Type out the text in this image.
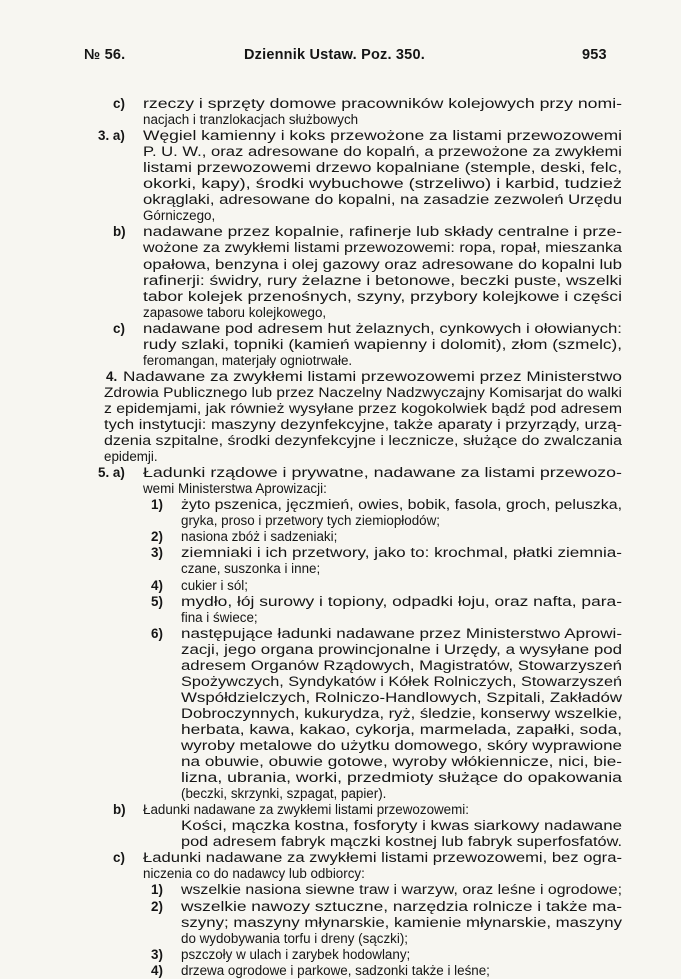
№ 56.	Dziennik Ustaw. Poz. 350.	953
c) rzeczy i sprzęty domowe pracowników kolejowych przy nomi-
nacjach i tranzlokacjach służbowych
3. a) Węgiel kamienny i koks przewożone za listami przewozowemi
P. U. W., oraz adresowane do kopalń, a przewożone za zwykłemi
listami przewozowemi drzewo kopalniane (stemple, deski, felc,
okorki, kapy), środki wybuchowe (strzeliwo) i karbid, tudzież
okrąglaki, adresowane do kopalni, na zasadzie zezwoleń Urzędu
Górniczego,
b) nadawane przez kopalnie, rafinerje lub składy centralne i prze-
wożone za zwykłemi listami przewozowemi: ropa, ropał, mieszanka
opałowa, benzyna i olej gazowy oraz adresowane do kopalni lub
rafinerji: świdry, rury żelazne i betonowe, beczki puste, wszelki
tabor kolejek przenośnych, szyny, przybory kolejkowe i części
zapasowe taboru kolejkowego,
c) nadawane pod adresem hut żelaznych, cynkowych i ołowianych:
rudy szlaki, topniki (kamień wapienny i dolomit), złom (szmelc),
feromangan, materjały ogniotrwałe.
4. Nadawane za zwykłemi listami przewozowemi przez Ministerstwo
Zdrowia Publicznego lub przez Naczelny Nadzwyczajny Komisarjat do walki
z epidemjami, jak również wysyłane przez kogokolwiek bądź pod adresem
tych instytucji: maszyny dezynfekcyjne, także aparaty i przyrządy, urzą-
dzenia szpitalne, środki dezynfekcyjne i lecznicze, służące do zwalczania
epidemji.
5. a) Ładunki rządowe i prywatne, nadawane za listami przewozo-
wemi Ministerstwa Aprowizacji:
1) żyto pszenica, jęczmień, owies, bobik, fasola, groch, peluszka,
gryka, proso i przetwory tych ziemiopłodów;
2) nasiona zbóż i sadzeniaki;
3) ziemniaki i ich przetwory, jako to: krochmal, płatki ziemnia-
czane, suszonka i inne;
4) cukier i sól;
5) mydło, łój surowy i topiony, odpadki łoju, oraz nafta, para-
fina i świece;
6) następujące ładunki nadawane przez Ministerstwo Aprowi-
zacji, jego organa prowincjonalne i Urzędy, a wysyłane pod
adresem Organów Rządowych, Magistratów, Stowarzyszeń
Spożywczych, Syndykatów i Kółek Rolniczych, Stowarzyszeń
Współdzielczych, Rolniczo-Handlowych, Szpitali, Zakładów
Dobroczynnych, kukurydza, ryż, śledzie, konserwy wszelkie,
herbata, kawa, kakao, cykorja, marmelada, zapałki, soda,
wyroby metalowe do użytku domowego, skóry wyprawione
na obuwie, obuwie gotowe, wyroby włókiennicze, nici, bie-
lizna, ubrania, worki, przedmioty służące do opakowania
(beczki, skrzynki, szpagat, papier).
b) Ładunki nadawane za zwykłemi listami przewozowemi:
Kości, mączka kostna, fosforyty i kwas siarkowy nadawane
pod adresem fabryk mączki kostnej lub fabryk superfosfatów.
c) Ładunki nadawane za zwykłemi listami przewozowemi, bez ogra-
niczenia co do nadawcy lub odbiorcy:
1) wszelkie nasiona siewne traw i warzyw, oraz leśne i ogrodowe;
2) wszelkie nawozy sztuczne, narzędzia rolnicze i także ma-
szyny; maszyny młynarskie, kamienie młynarskie, maszyny
do wydobywania torfu i dreny (sączki);
3) pszczoły w ulach i zarybek hodowlany;
4) drzewa ogrodowe i parkowe, sadzonki także i leśne;
